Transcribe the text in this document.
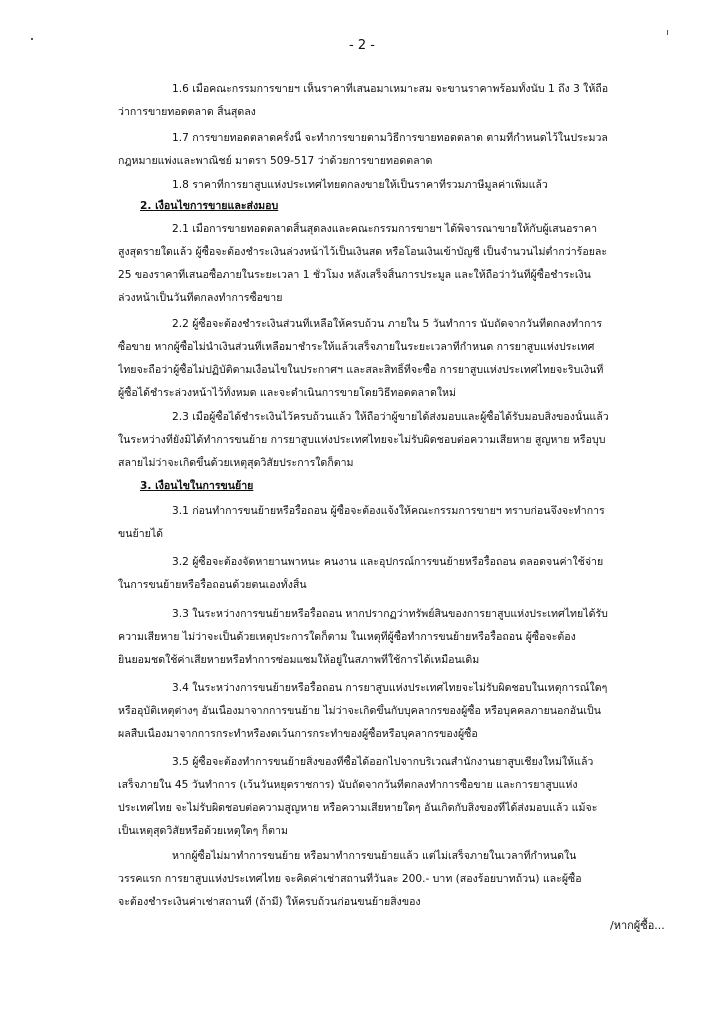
- 2 -
1.6 เมื่อคณะกรรมการขายฯ เห็นราคาที่เสนอมาเหมาะสม จะขานราคาพร้อมทั้งนับ 1 ถึง 3 ให้ถือ
ว่าการขายทอดตลาด สิ้นสุดลง
1.7 การขายทอดตลาดครั้งนี้ จะทำการขายตามวิธีการขายทอดตลาด ตามที่กำหนดไว้ในประมวล
กฎหมายแพ่งและพาณิชย์ มาตรา 509-517 ว่าด้วยการขายทอดตลาด
1.8 ราคาที่การยาสูบแห่งประเทศไทยตกลงขายให้เป็นราคาที่รวมภาษีมูลค่าเพิ่มแล้ว
2. เงื่อนไขการขายและส่งมอบ
2.1 เมื่อการขายทอดตลาดสิ้นสุดลงและคณะกรรมการขายฯ ได้พิจารณาขายให้กับผู้เสนอราคา
สูงสุดรายใดแล้ว ผู้ซื้อจะต้องชำระเงินล่วงหน้าไว้เป็นเงินสด หรือโอนเงินเข้าบัญชี เป็นจำนวนไม่ต่ำกว่าร้อยละ
25 ของราคาที่เสนอซื้อภายในระยะเวลา 1 ชั่วโมง หลังเสร็จสิ้นการประมูล และให้ถือว่าวันที่ผู้ซื้อชำระเงิน
ล่วงหน้าเป็นวันที่ตกลงทำการซื้อขาย
2.2 ผู้ซื้อจะต้องชำระเงินส่วนที่เหลือให้ครบถ้วน ภายใน 5 วันทำการ นับถัดจากวันที่ตกลงทำการ
ซื้อขาย หากผู้ซื้อไม่นำเงินส่วนที่เหลือมาชำระให้แล้วเสร็จภายในระยะเวลาที่กำหนด การยาสูบแห่งประเทศ
ไทยจะถือว่าผู้ซื้อไม่ปฏิบัติตามเงื่อนไขในประกาศฯ และสละสิทธิ์ที่จะซื้อ การยาสูบแห่งประเทศไทยจะริบเงินที่
ผู้ซื้อได้ชำระล่วงหน้าไว้ทั้งหมด และจะดำเนินการขายโดยวิธีทอดตลาดใหม่
2.3 เมื่อผู้ซื้อได้ชำระเงินไว้ครบถ้วนแล้ว ให้ถือว่าผู้ขายได้ส่งมอบและผู้ซื้อได้รับมอบสิ่งของนั้นแล้ว
ในระหว่างที่ยังมิได้ทำการขนย้าย การยาสูบแห่งประเทศไทยจะไม่รับผิดชอบต่อความเสียหาย สูญหาย หรือบุบ
สลายไม่ว่าจะเกิดขึ้นด้วยเหตุสุดวิสัยประการใดก็ตาม
3. เงื่อนไขในการขนย้าย
3.1 ก่อนทำการขนย้ายหรือรื้อถอน ผู้ซื้อจะต้องแจ้งให้คณะกรรมการขายฯ ทราบก่อนจึงจะทำการ
ขนย้ายได้
3.2 ผู้ซื้อจะต้องจัดหายานพาหนะ คนงาน และอุปกรณ์การขนย้ายหรือรื้อถอน ตลอดจนค่าใช้จ่าย
ในการขนย้ายหรือรื้อถอนด้วยตนเองทั้งสิ้น
3.3 ในระหว่างการขนย้ายหรือรื้อถอน หากปรากฏว่าทรัพย์สินของการยาสูบแห่งประเทศไทยได้รับ
ความเสียหาย ไม่ว่าจะเป็นด้วยเหตุประการใดก็ตาม ในเหตุที่ผู้ซื้อทำการขนย้ายหรือรื้อถอน ผู้ซื้อจะต้อง
ยินยอมชดใช้ค่าเสียหายหรือทำการซ่อมแซมให้อยู่ในสภาพที่ใช้การได้เหมือนเดิม
3.4 ในระหว่างการขนย้ายหรือรื้อถอน การยาสูบแห่งประเทศไทยจะไม่รับผิดชอบในเหตุการณ์ใดๆ
หรืออุบัติเหตุต่างๆ อันเนื่องมาจากการขนย้าย ไม่ว่าจะเกิดขึ้นกับบุคลากรของผู้ซื้อ หรือบุคคลภายนอกอันเป็น
ผลสืบเนื่องมาจากการกระทำหรืองดเว้นการกระทำของผู้ซื้อหรือบุคลากรของผู้ซื้อ
3.5 ผู้ซื้อจะต้องทำการขนย้ายสิ่งของที่ซื้อได้ออกไปจากบริเวณสำนักงานยาสูบเชียงใหม่ให้แล้ว
เสร็จภายใน 45 วันทำการ (เว้นวันหยุดราชการ) นับถัดจากวันที่ตกลงทำการซื้อขาย และการยาสูบแห่ง
ประเทศไทย จะไม่รับผิดชอบต่อความสูญหาย หรือความเสียหายใดๆ อันเกิดกับสิ่งของที่ได้ส่งมอบแล้ว แม้จะ
เป็นเหตุสุดวิสัยหรือด้วยเหตุใดๆ ก็ตาม
หากผู้ซื้อไม่มาทำการขนย้าย หรือมาทำการขนย้ายแล้ว แต่ไม่เสร็จภายในเวลาที่กำหนดใน
วรรคแรก การยาสูบแห่งประเทศไทย จะคิดค่าเช่าสถานที่วันละ 200.- บาท (สองร้อยบาทถ้วน) และผู้ซื้อ
จะต้องชำระเงินค่าเช่าสถานที่ (ถ้ามี) ให้ครบถ้วนก่อนขนย้ายสิ่งของ
/หากผู้ซื้อ...
